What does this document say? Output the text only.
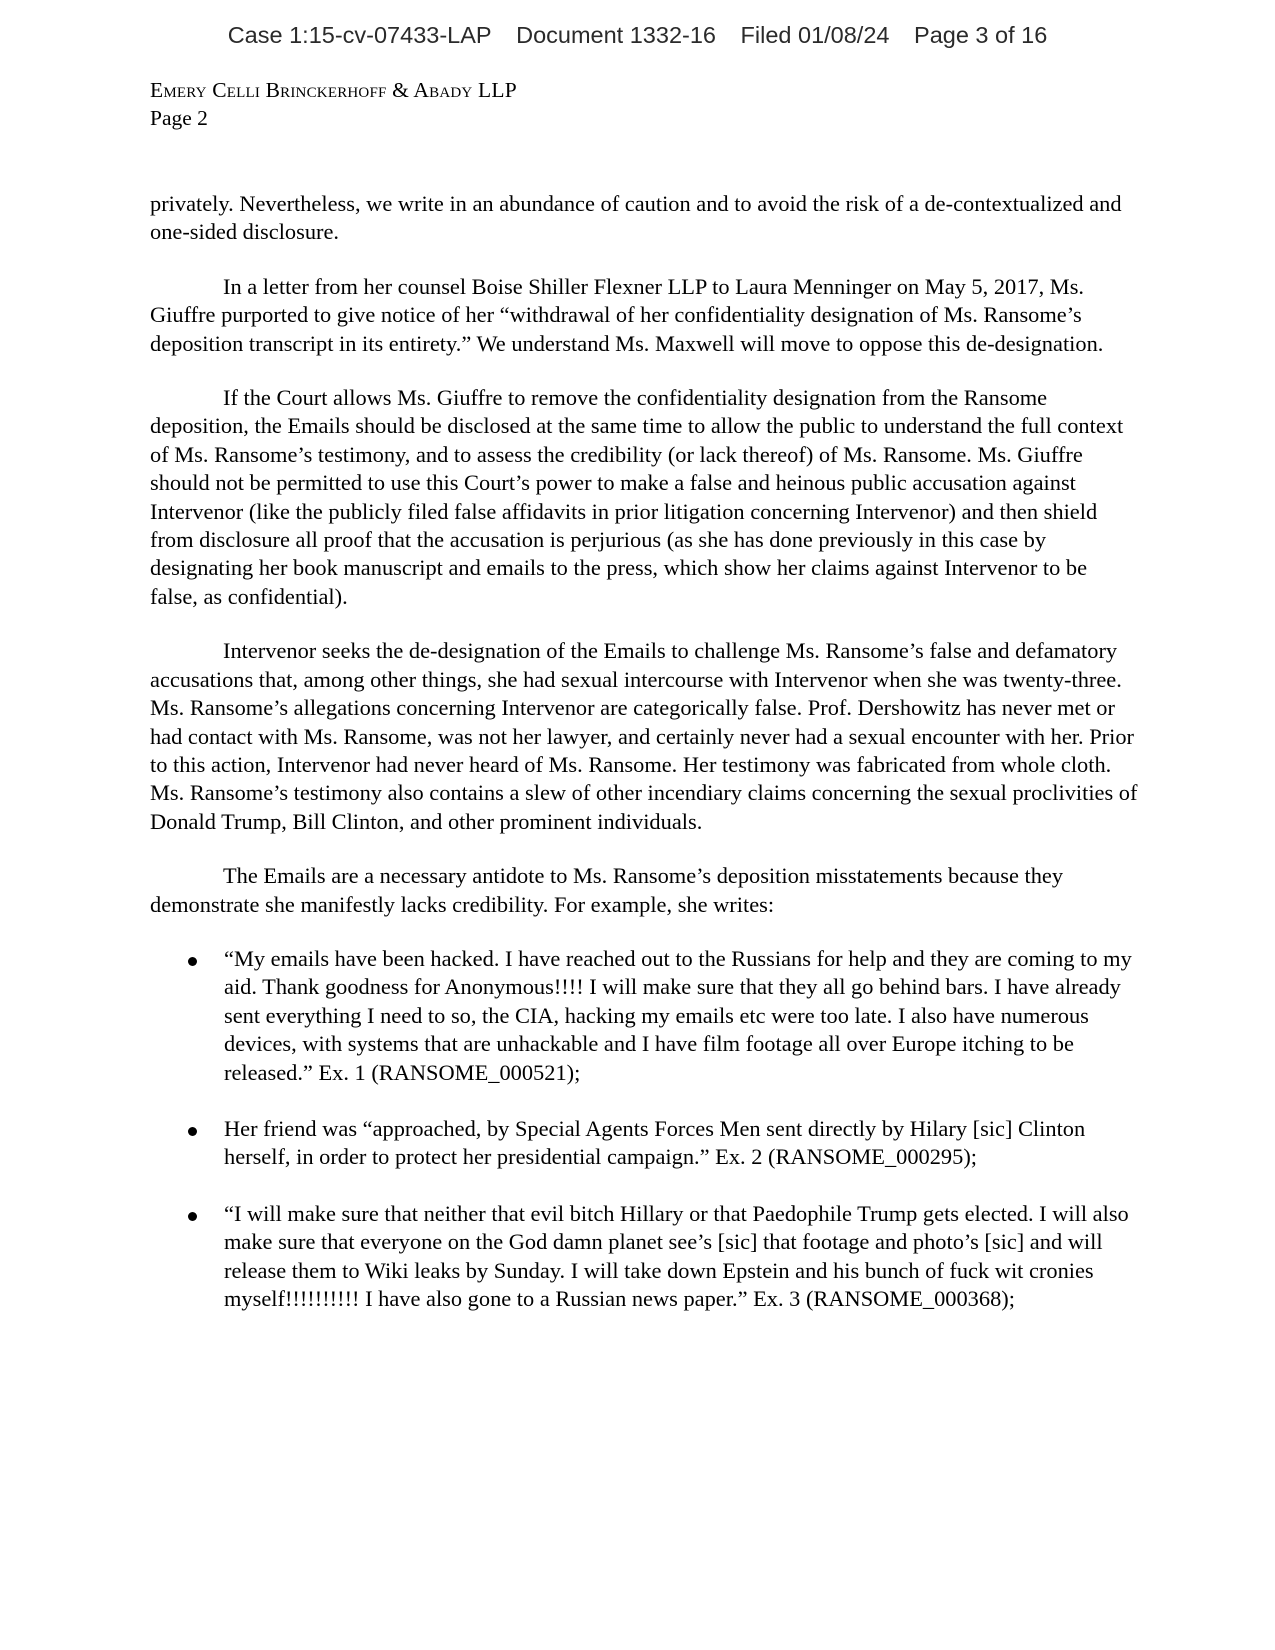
Case 1:15-cv-07433-LAP Document 1332-16 Filed 01/08/24 Page 3 of 16
Emery Celli Brinckerhoff & Abady LLP
Page 2

privately. Nevertheless, we write in an abundance of caution and to avoid the risk of a de-contextualized and one-sided disclosure.

In a letter from her counsel Boise Shiller Flexner LLP to Laura Menninger on May 5, 2017, Ms. Giuffre purported to give notice of her “withdrawal of her confidentiality designation of Ms. Ransome’s deposition transcript in its entirety.” We understand Ms. Maxwell will move to oppose this de-designation.

If the Court allows Ms. Giuffre to remove the confidentiality designation from the Ransome deposition, the Emails should be disclosed at the same time to allow the public to understand the full context of Ms. Ransome’s testimony, and to assess the credibility (or lack thereof) of Ms. Ransome. Ms. Giuffre should not be permitted to use this Court’s power to make a false and heinous public accusation against Intervenor (like the publicly filed false affidavits in prior litigation concerning Intervenor) and then shield from disclosure all proof that the accusation is perjurious (as she has done previously in this case by designating her book manuscript and emails to the press, which show her claims against Intervenor to be false, as confidential).

Intervenor seeks the de-designation of the Emails to challenge Ms. Ransome’s false and defamatory accusations that, among other things, she had sexual intercourse with Intervenor when she was twenty-three. Ms. Ransome’s allegations concerning Intervenor are categorically false. Prof. Dershowitz has never met or had contact with Ms. Ransome, was not her lawyer, and certainly never had a sexual encounter with her. Prior to this action, Intervenor had never heard of Ms. Ransome. Her testimony was fabricated from whole cloth. Ms. Ransome’s testimony also contains a slew of other incendiary claims concerning the sexual proclivities of Donald Trump, Bill Clinton, and other prominent individuals.

The Emails are a necessary antidote to Ms. Ransome’s deposition misstatements because they demonstrate she manifestly lacks credibility. For example, she writes:

“My emails have been hacked. I have reached out to the Russians for help and they are coming to my aid. Thank goodness for Anonymous!!!! I will make sure that they all go behind bars. I have already sent everything I need to so, the CIA, hacking my emails etc were too late. I also have numerous devices, with systems that are unhackable and I have film footage all over Europe itching to be released.” Ex. 1 (RANSOME_000521);
Her friend was “approached, by Special Agents Forces Men sent directly by Hilary [sic] Clinton herself, in order to protect her presidential campaign.” Ex. 2 (RANSOME_000295);
“I will make sure that neither that evil bitch Hillary or that Paedophile Trump gets elected. I will also make sure that everyone on the God damn planet see’s [sic] that footage and photo’s [sic] and will release them to Wiki leaks by Sunday. I will take down Epstein and his bunch of fuck wit cronies myself!!!!!!!!!! I have also gone to a Russian news paper.” Ex. 3 (RANSOME_000368);
